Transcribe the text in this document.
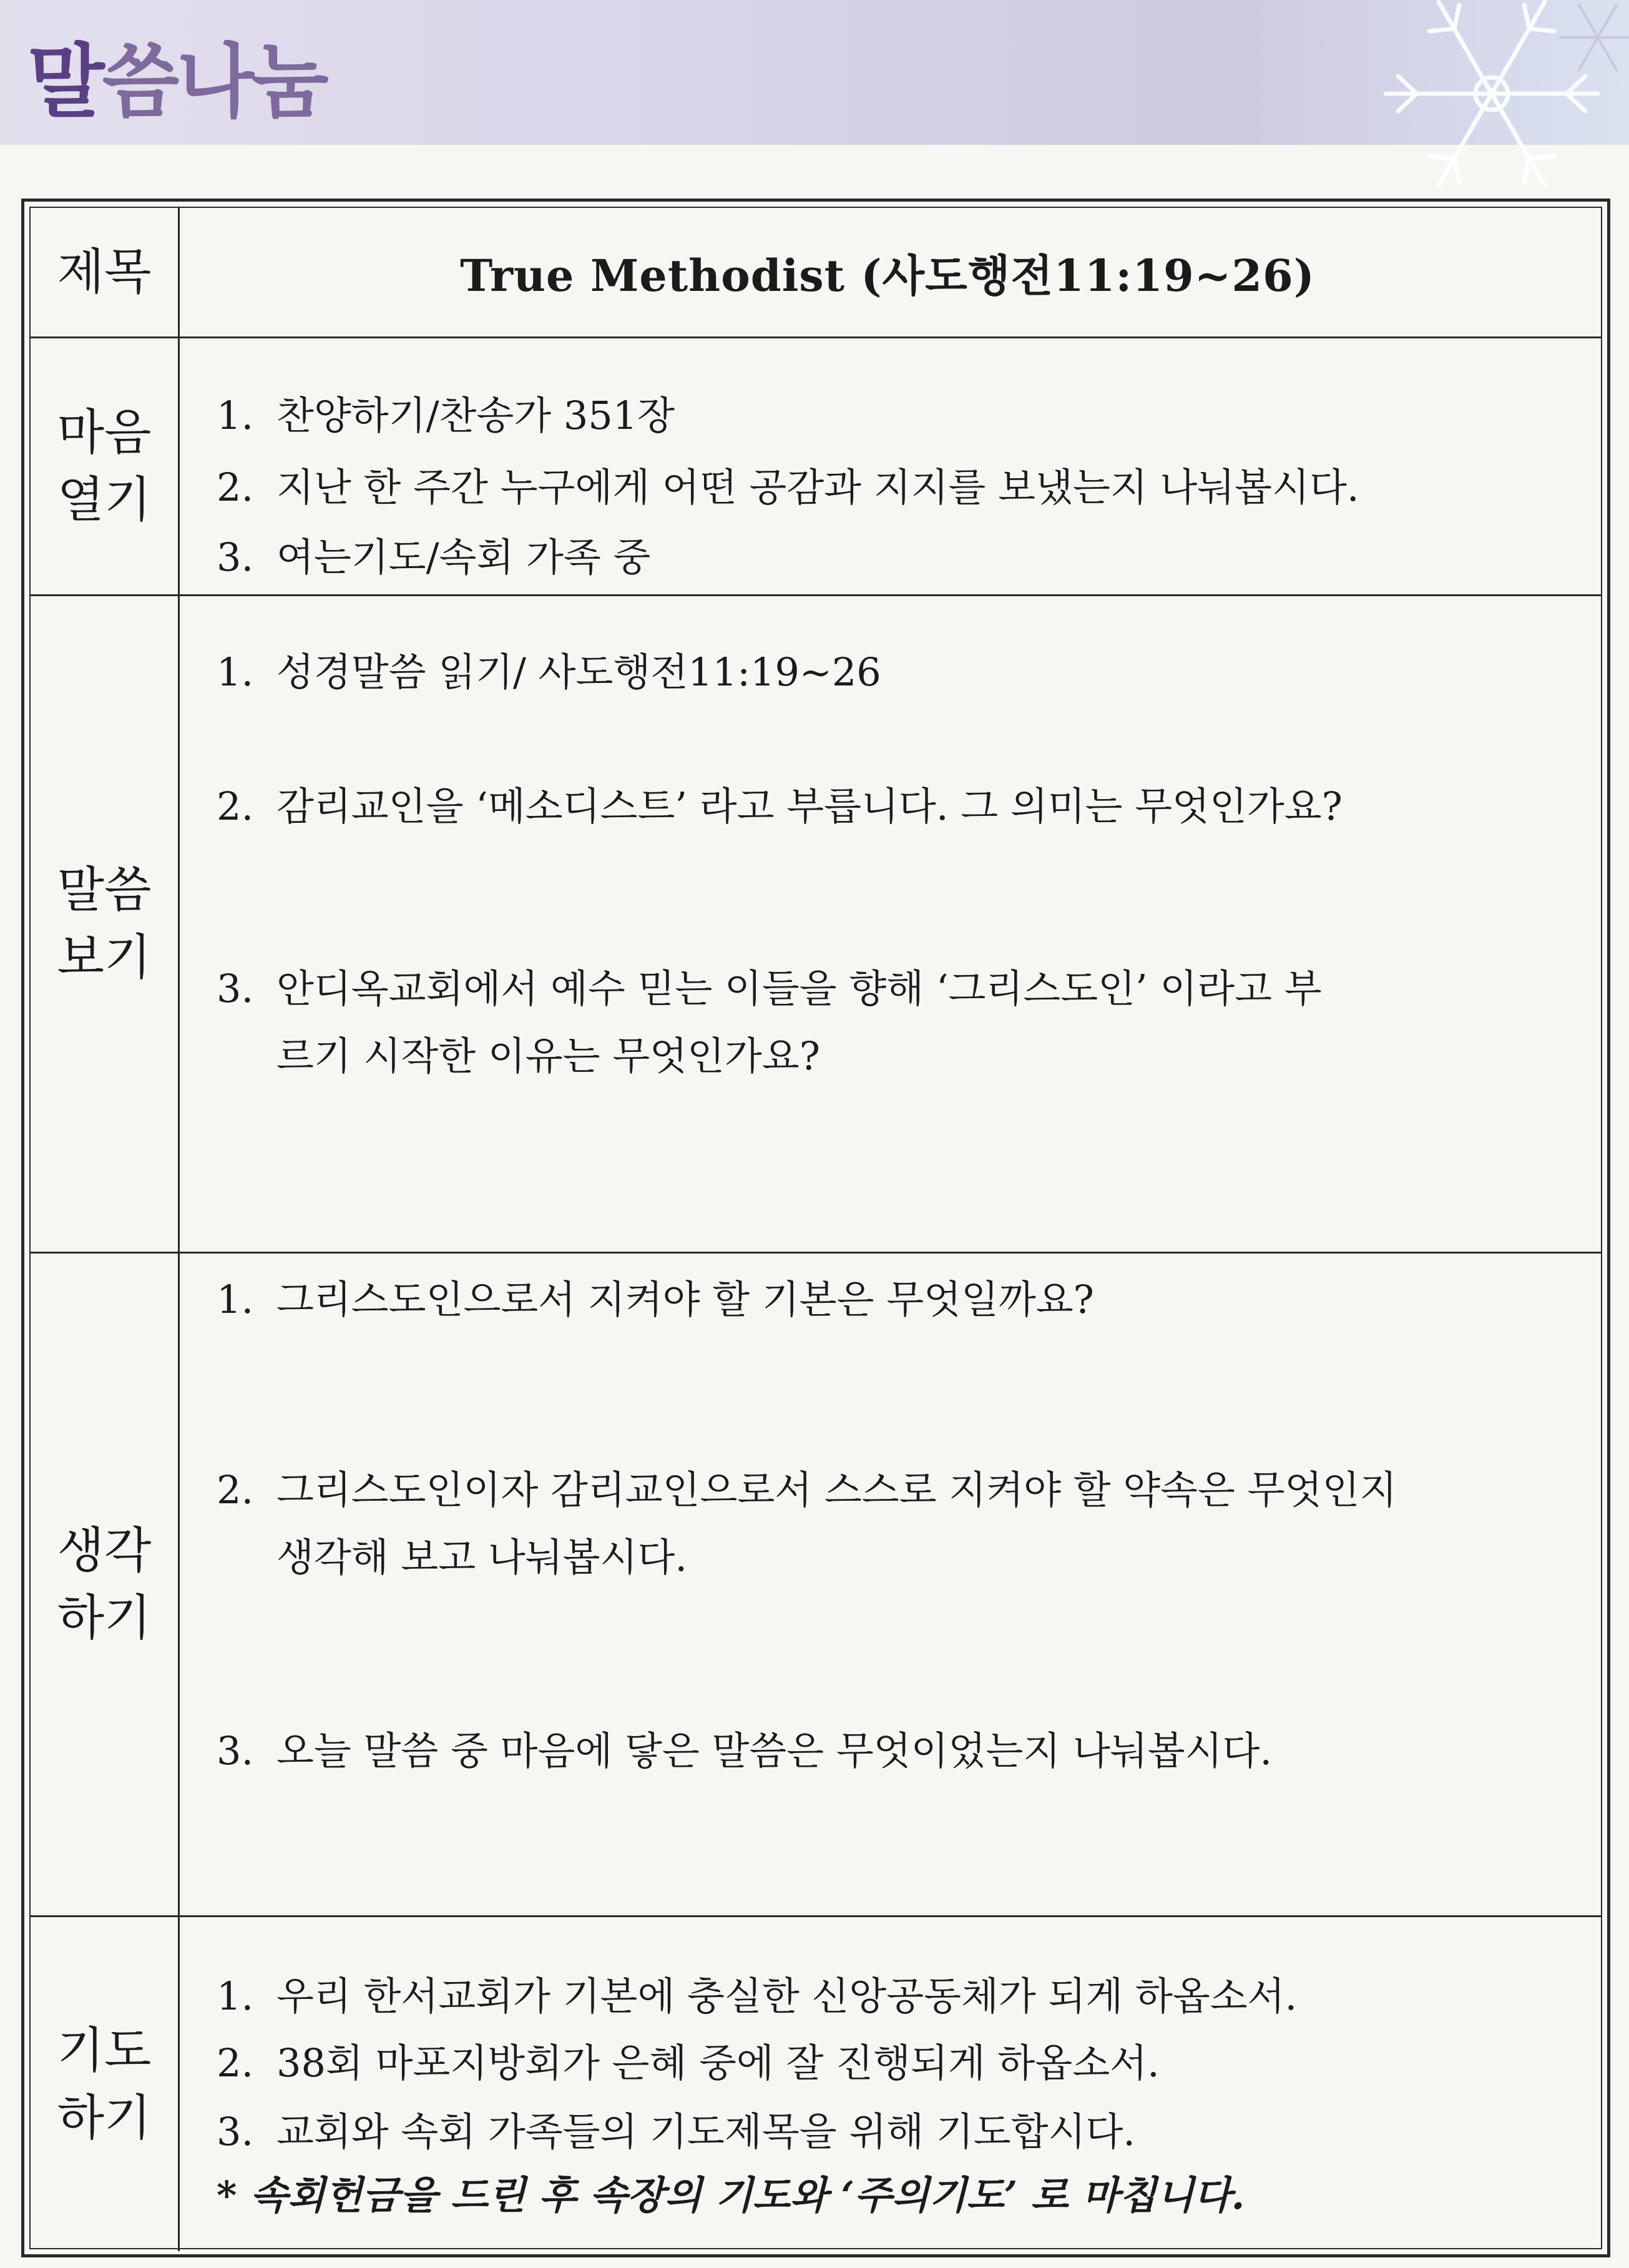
말씀나눔
제목	True Methodist (사도행전11:19~26)
마음
열기
1. 찬양하기/찬송가 351장
2. 지난 한 주간 누구에게 어떤 공감과 지지를 보냈는지 나눠봅시다.
3. 여는기도/속회 가족 중
말씀
보기
1. 성경말씀 읽기/ 사도행전11:19~26
2. 감리교인을 ‘메소디스트’ 라고 부릅니다. 그 의미는 무엇인가요?
3. 안디옥교회에서 예수 믿는 이들을 향해 ‘그리스도인’ 이라고 부
르기 시작한 이유는 무엇인가요?
생각
하기
1. 그리스도인으로서 지켜야 할 기본은 무엇일까요?
2. 그리스도인이자 감리교인으로서 스스로 지켜야 할 약속은 무엇인지
생각해 보고 나눠봅시다.
3. 오늘 말씀 중 마음에 닿은 말씀은 무엇이었는지 나눠봅시다.
기도
하기
1. 우리 한서교회가 기본에 충실한 신앙공동체가 되게 하옵소서.
2. 38회 마포지방회가 은혜 중에 잘 진행되게 하옵소서.
3. 교회와 속회 가족들의 기도제목을 위해 기도합시다.
* 속회헌금을 드린 후 속장의 기도와 ‘주의기도’ 로 마칩니다.
